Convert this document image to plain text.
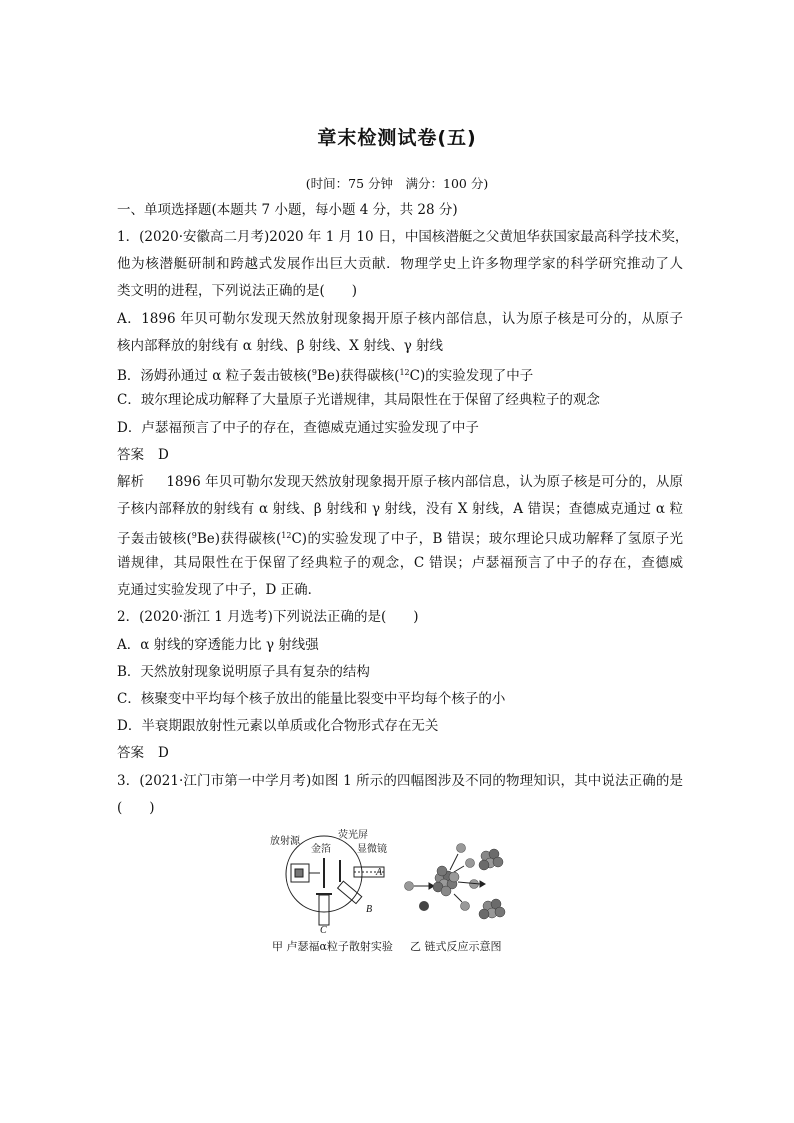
章末检测试卷(五)
(时间：75 分钟　满分：100 分)
一、单项选择题(本题共 7 小题，每小题 4 分，共 28 分)
1．(2020·安徽高二月考)2020 年 1 月 10 日，中国核潜艇之父黄旭华获国家最高科学技术奖，
他为核潜艇研制和跨越式发展作出巨大贡献．物理学史上许多物理学家的科学研究推动了人
类文明的进程，下列说法正确的是(　　)
A．1896 年贝可勒尔发现天然放射现象揭开原子核内部信息，认为原子核是可分的，从原子
核内部释放的射线有 α 射线、β 射线、X 射线、γ 射线
B．汤姆孙通过 α 粒子轰击铍核($^9$Be)获得碳核($^{12}$C)的实验发现了中子
C．玻尔理论成功解释了大量原子光谱规律，其局限性在于保留了经典粒子的观念
D．卢瑟福预言了中子的存在，查德威克通过实验发现了中子
答案 D
解析 1896 年贝可勒尔发现天然放射现象揭开原子核内部信息，认为原子核是可分的，从原
子核内部释放的射线有 α 射线、β 射线和 γ 射线，没有 X 射线，A 错误；查德威克通过 α 粒
子轰击铍核($^9$Be)获得碳核($^{12}$C)的实验发现了中子，B 错误；玻尔理论只成功解释了氢原子光
谱规律，其局限性在于保留了经典粒子的观念，C 错误；卢瑟福预言了中子的存在，查德威
克通过实验发现了中子，D 正确．
2．(2020·浙江 1 月选考)下列说法正确的是(　　)
A．α 射线的穿透能力比 γ 射线强
B．天然放射现象说明原子具有复杂的结构
C．核聚变中平均每个核子放出的能量比裂变中平均每个核子的小
D．半衰期跟放射性元素以单质或化合物形式存在无关
答案 D
3．(2021·江门市第一中学月考)如图 1 所示的四幅图涉及不同的物理知识，其中说法正确的是
(　　)
放射源
金箔
荧光屏
显微镜
A
B
C
甲 卢瑟福α粒子散射实验 乙 链式反应示意图
